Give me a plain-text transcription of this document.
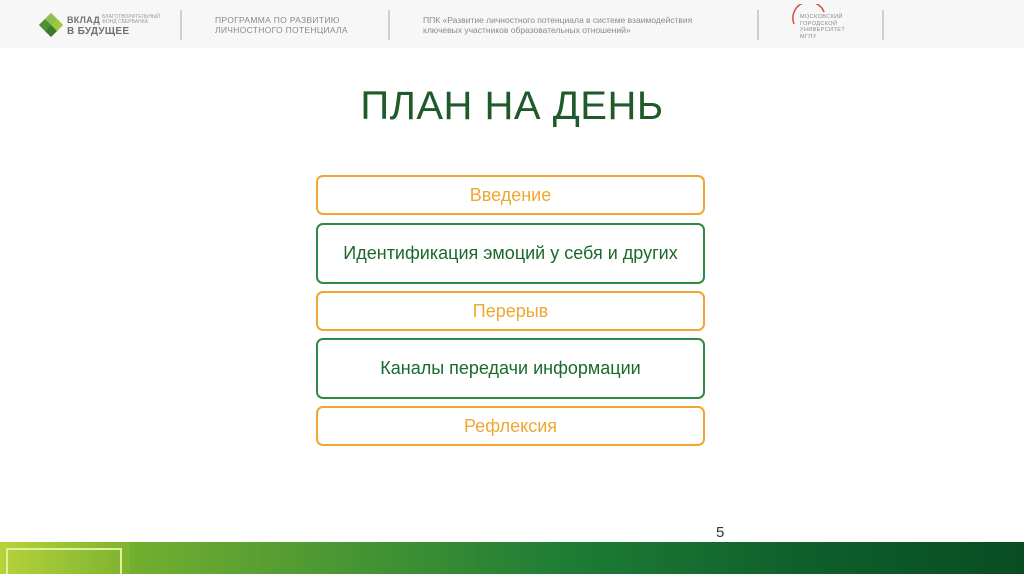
ВКЛАД БЛАГОТВОРИТЕЛЬНЫЙ ФОНД СБЕРБАНКА
В БУДУЩЕЕ
ПРОГРАММА ПО РАЗВИТИЮ
ЛИЧНОСТНОГО ПОТЕНЦИАЛА
ППК «Развитие личностного потенциала в системе взаимодействия
ключевых участников образовательных отношений»
МОСКОВСКИЙ
ГОРОДСКОЙ
УНИВЕРСИТЕТ
МГПУ
ПЛАН НА ДЕНЬ
Введение
Идентификация эмоций у себя и других
Перерыв
Каналы передачи информации
Рефлексия
5
